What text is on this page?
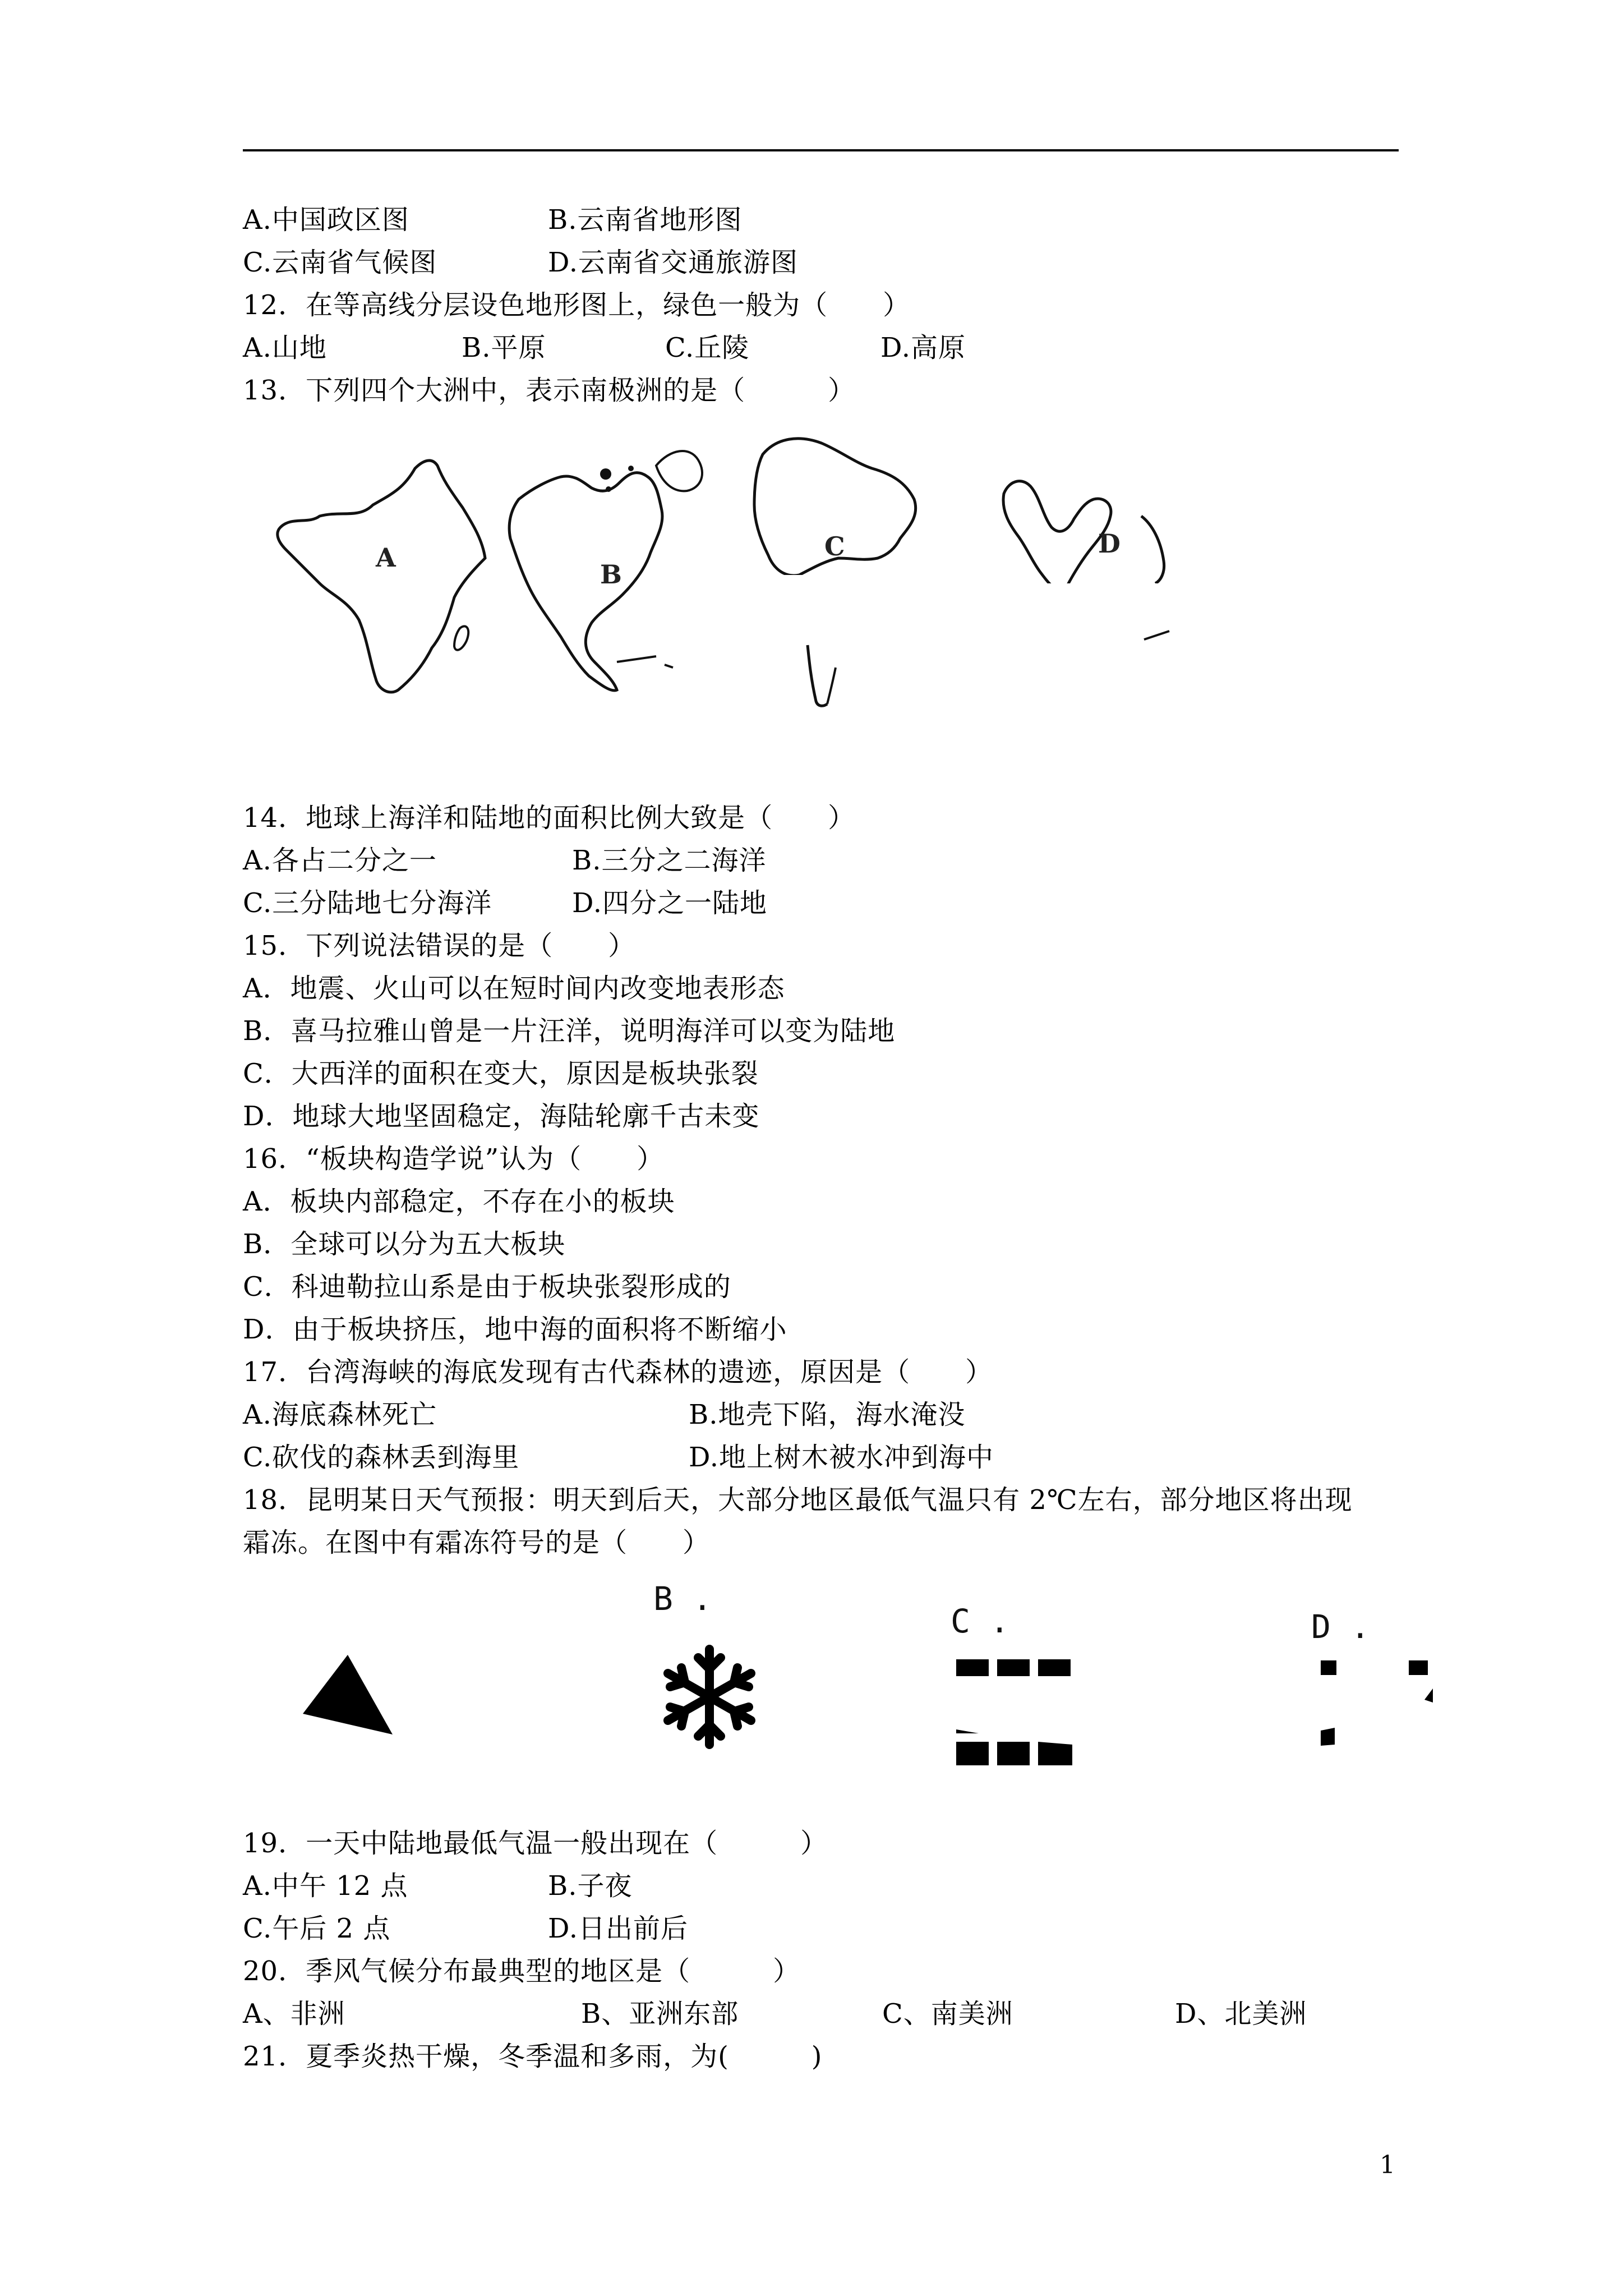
A.中国政区图	B.云南省地形图
C.云南省气候图	D.云南省交通旅游图
12．在等高线分层设色地形图上，绿色一般为（　　）
A.山地	B.平原	C.丘陵	D.高原
13．下列四个大洲中，表示南极洲的是（　　　）
A
B
C	D
14．地球上海洋和陆地的面积比例大致是（　　）
A.各占二分之一	B.三分之二海洋
C.三分陆地七分海洋	D.四分之一陆地
15．下列说法错误的是（　　）
A．地震、火山可以在短时间内改变地表形态
B．喜马拉雅山曾是一片汪洋，说明海洋可以变为陆地
C．大西洋的面积在变大，原因是板块张裂
D．地球大地坚固稳定，海陆轮廓千古未变
16．“板块构造学说”认为（　　）
A．板块内部稳定，不存在小的板块
B．全球可以分为五大板块
C．科迪勒拉山系是由于板块张裂形成的
D．由于板块挤压，地中海的面积将不断缩小
17．台湾海峡的海底发现有古代森林的遗迹，原因是（　　）
A.海底森林死亡	B.地壳下陷，海水淹没
C.砍伐的森林丢到海里	D.地上树木被水冲到海中
18．昆明某日天气预报：明天到后天，大部分地区最低气温只有 2℃左右，部分地区将出现
霜冻。在图中有霜冻符号的是（　　）
B .
C .	D .
19．一天中陆地最低气温一般出现在（　　　）
A.中午 12 点	B.子夜
C.午后 2 点	D.日出前后
20．季风气候分布最典型的地区是（　　　）
A、非洲	B、亚洲东部	C、南美洲	D、北美洲
21．夏季炎热干燥，冬季温和多雨，为(　　　)
1
